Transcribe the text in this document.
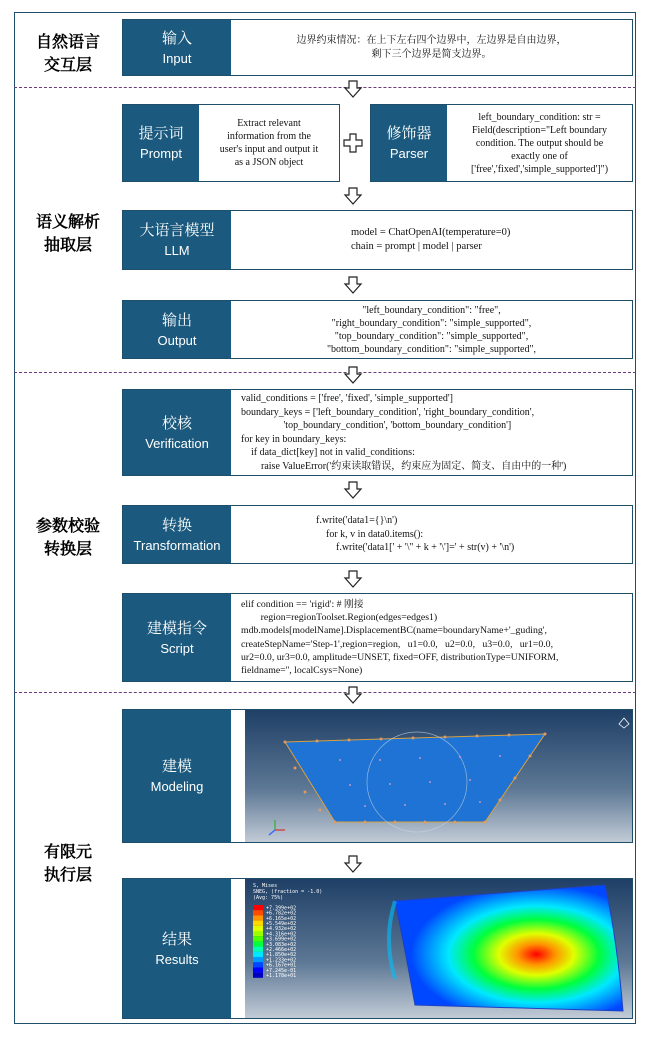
自然语言
交互层
语义解析
抽取层
参数校验
转换层
有限元
执行层
输入
Input
边界约束情况：在上下左右四个边界中，左边界是自由边界，
剩下三个边界是简支边界。
提示词
Prompt
Extract relevant
information from the
user's input and output it
as a JSON object
修饰器
Parser
left_boundary_condition: str =
Field(description="Left boundary
condition. The output should be
exactly one of
['free','fixed','simple_supported']")
大语言模型
LLM
model = ChatOpenAI(temperature=0)
chain = prompt | model | parser
输出
Output
"left_boundary_condition": "free",
"right_boundary_condition": "simple_supported",
"top_boundary_condition": "simple_supported",
"bottom_boundary_condition": "simple_supported",
校核
Verification
valid_conditions = ['free', 'fixed', 'simple_supported']
boundary_keys = ['left_boundary_condition', 'right_boundary_condition',
'top_boundary_condition', 'bottom_boundary_condition']
for key in boundary_keys:
if data_dict[key] not in valid_conditions:
raise ValueError('约束读取错误，约束应为固定、简支、自由中的一种')
转换
Transformation
f.write('data1={}\n')
for k, v in data0.items():
f.write('data1[' + '\'' + k + '\']=' + str(v) + '\n')
建模指令
Script
elif condition == 'rigid': # 刚接
region=regionToolset.Region(edges=edges1)
mdb.models[modelName].DisplacementBC(name=boundaryName+'_guding',
createStepName='Step-1',region=region,   u1=0.0,   u2=0.0,   u3=0.0,   ur1=0.0,
ur2=0.0, ur3=0.0, amplitude=UNSET, fixed=OFF, distributionType=UNIFORM,
fieldname='', localCsys=None)
建模
Modeling
结果
Results
+7.399e+02
+6.782e+02
+6.165e+02
+5.549e+02
+4.932e+02
+4.316e+02
+3.699e+02
+3.083e+02
+2.466e+02
+1.850e+02
+1.233e+02
+6.167e+01
+7.245e-01
+1.178e+01
S, Mises
SNEG, (fraction = -1.0)
(Avg: 75%)
